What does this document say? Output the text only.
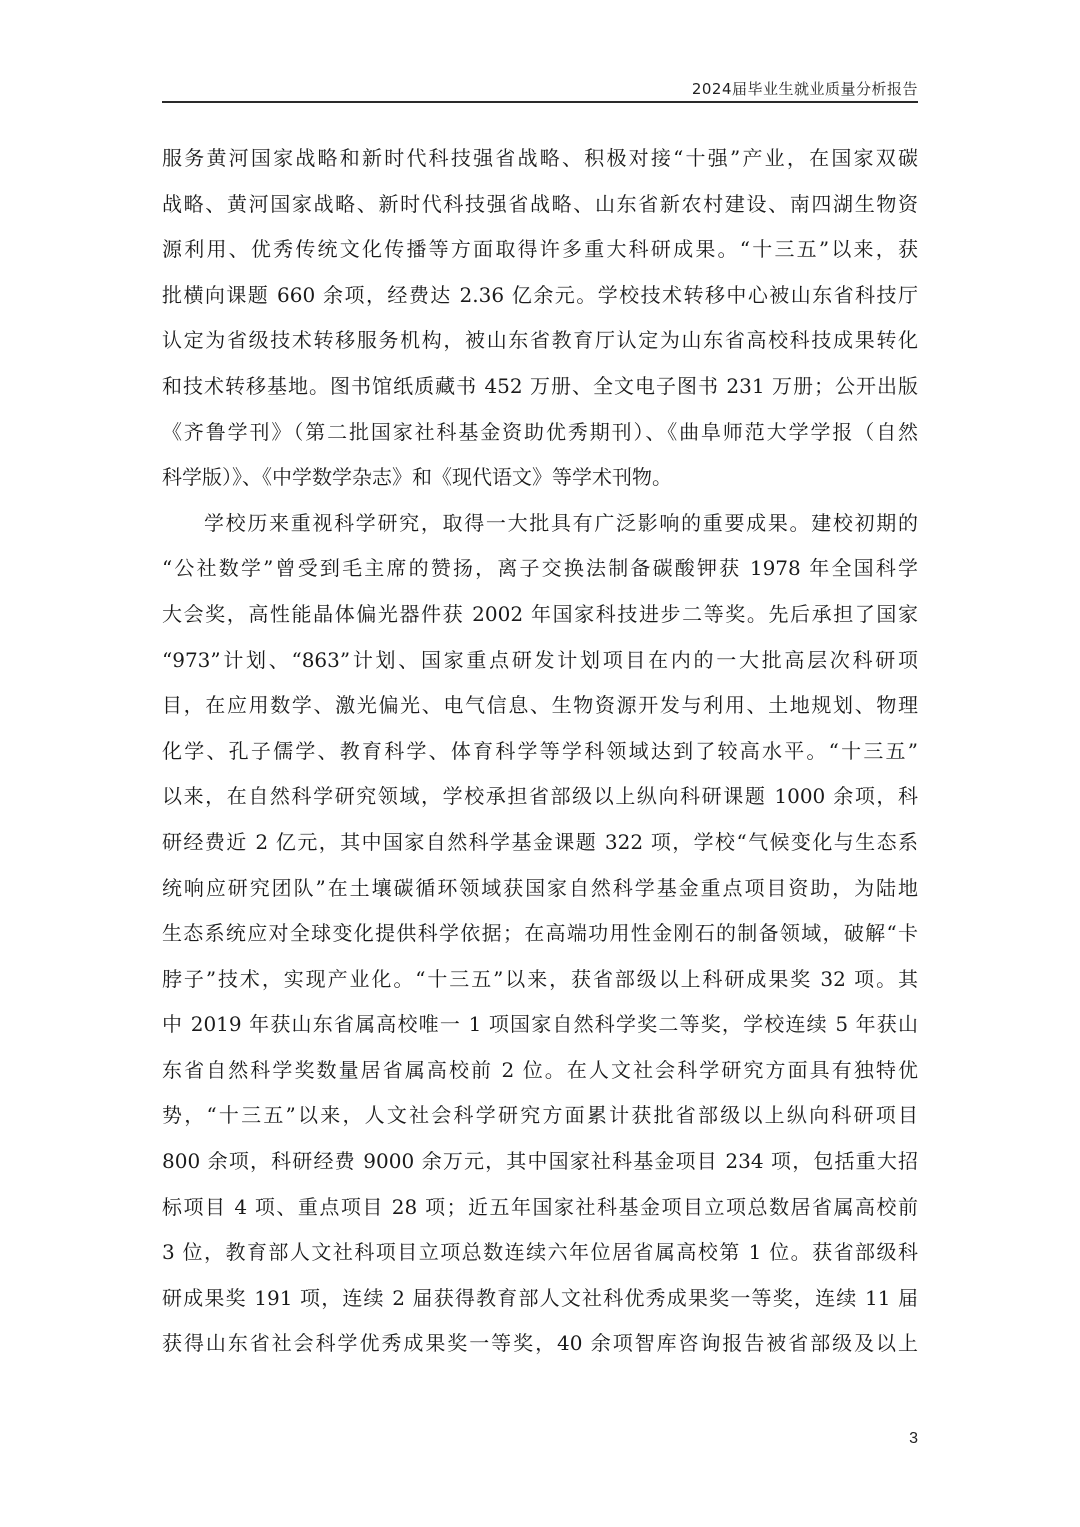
2024届毕业生就业质量分析报告
服务黄河国家战略和新时代科技强省战略、积极对接“十强”产业，在国家双碳
战略、黄河国家战略、新时代科技强省战略、山东省新农村建设、南四湖生物资
源利用、优秀传统文化传播等方面取得许多重大科研成果。“十三五”以来，获
批横向课题 660 余项，经费达 2.36 亿余元。学校技术转移中心被山东省科技厅
认定为省级技术转移服务机构，被山东省教育厅认定为山东省高校科技成果转化
和技术转移基地。图书馆纸质藏书 452 万册、全文电子图书 231 万册；公开出版
《齐鲁学刊》（第二批国家社科基金资助优秀期刊）、《曲阜师范大学学报（自然
科学版）》、《中学数学杂志》和《现代语文》等学术刊物。
学校历来重视科学研究，取得一大批具有广泛影响的重要成果。建校初期的
“公社数学”曾受到毛主席的赞扬，离子交换法制备碳酸钾获 1978 年全国科学
大会奖，高性能晶体偏光器件获 2002 年国家科技进步二等奖。先后承担了国家
“973”计划、“863”计划、国家重点研发计划项目在内的一大批高层次科研项
目，在应用数学、激光偏光、电气信息、生物资源开发与利用、土地规划、物理
化学、孔子儒学、教育科学、体育科学等学科领域达到了较高水平。“十三五”
以来，在自然科学研究领域，学校承担省部级以上纵向科研课题 1000 余项，科
研经费近 2 亿元，其中国家自然科学基金课题 322 项，学校“气候变化与生态系
统响应研究团队”在土壤碳循环领域获国家自然科学基金重点项目资助，为陆地
生态系统应对全球变化提供科学依据；在高端功用性金刚石的制备领域，破解“卡
脖子”技术，实现产业化。“十三五”以来，获省部级以上科研成果奖 32 项。其
中 2019 年获山东省属高校唯一 1 项国家自然科学奖二等奖，学校连续 5 年获山
东省自然科学奖数量居省属高校前 2 位。在人文社会科学研究方面具有独特优
势，“十三五”以来，人文社会科学研究方面累计获批省部级以上纵向科研项目
800 余项，科研经费 9000 余万元，其中国家社科基金项目 234 项，包括重大招
标项目 4 项、重点项目 28 项；近五年国家社科基金项目立项总数居省属高校前
3 位，教育部人文社科项目立项总数连续六年位居省属高校第 1 位。获省部级科
研成果奖 191 项，连续 2 届获得教育部人文社科优秀成果奖一等奖，连续 11 届
获得山东省社会科学优秀成果奖一等奖，40 余项智库咨询报告被省部级及以上
3
